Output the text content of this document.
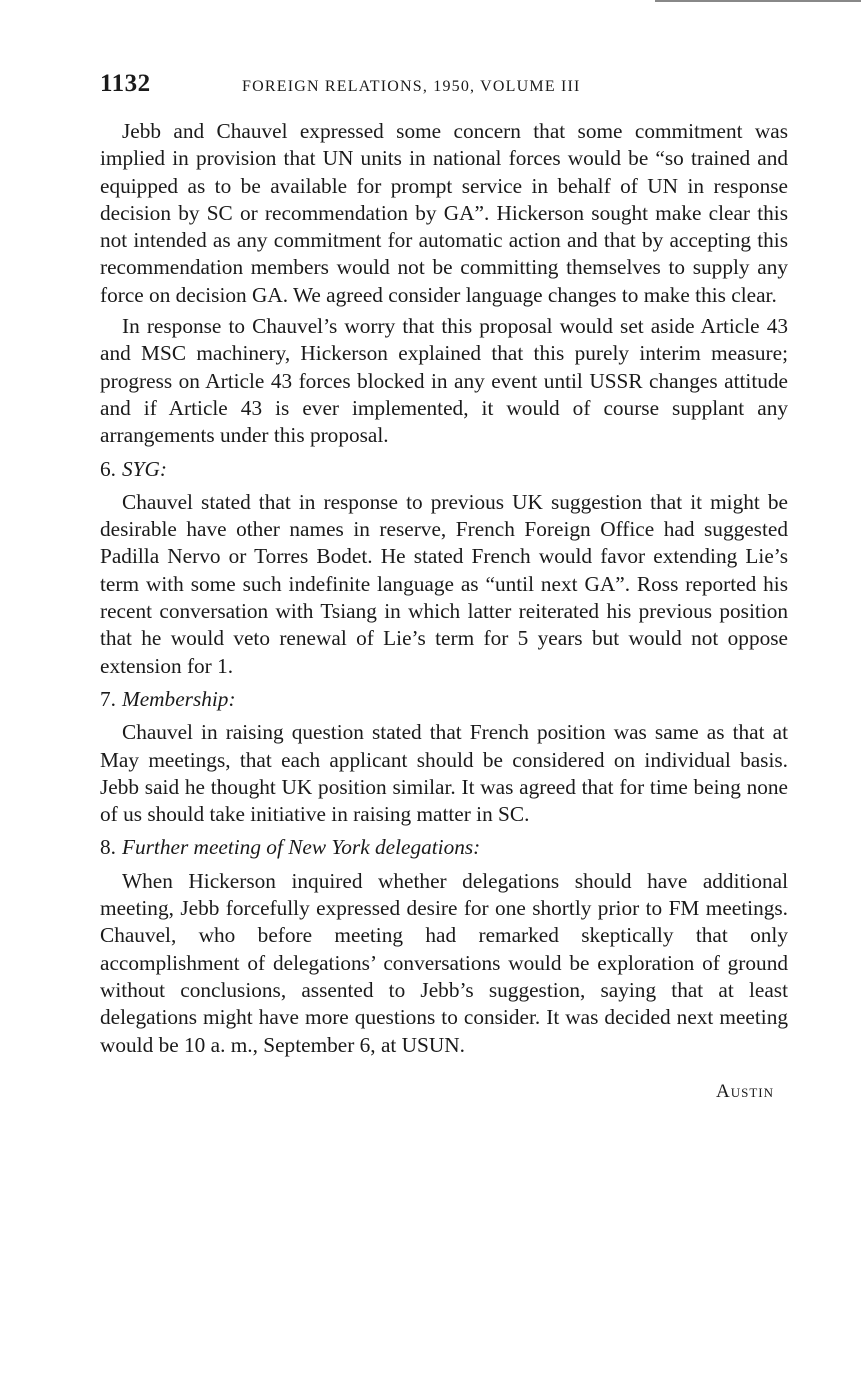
1132	FOREIGN RELATIONS, 1950, VOLUME III

Jebb and Chauvel expressed some concern that some commitment was implied in provision that UN units in national forces would be “so trained and equipped as to be available for prompt service in behalf of UN in response decision by SC or recommendation by GA”. Hickerson sought make clear this not intended as any commitment for automatic action and that by accepting this recommendation members would not be committing themselves to supply any force on decision GA. We agreed consider language changes to make this clear.

In response to Chauvel’s worry that this proposal would set aside Article 43 and MSC machinery, Hickerson explained that this purely interim measure; progress on Article 43 forces blocked in any event until USSR changes attitude and if Article 43 is ever implemented, it would of course supplant any arrangements under this proposal.

6. SYG:

Chauvel stated that in response to previous UK suggestion that it might be desirable have other names in reserve, French Foreign Office had suggested Padilla Nervo or Torres Bodet. He stated French would favor extending Lie’s term with some such indefinite language as “until next GA”. Ross reported his recent conversation with Tsiang in which latter reiterated his previous position that he would veto renewal of Lie’s term for 5 years but would not oppose extension for 1.

7. Membership:

Chauvel in raising question stated that French position was same as that at May meetings, that each applicant should be considered on individual basis. Jebb said he thought UK position similar. It was agreed that for time being none of us should take initiative in raising matter in SC.

8. Further meeting of New York delegations:

When Hickerson inquired whether delegations should have additional meeting, Jebb forcefully expressed desire for one shortly prior to FM meetings. Chauvel, who before meeting had remarked skeptically that only accomplishment of delegations’ conversations would be exploration of ground without conclusions, assented to Jebb’s suggestion, saying that at least delegations might have more questions to consider. It was decided next meeting would be 10 a. m., September 6, at USUN.

Austin
